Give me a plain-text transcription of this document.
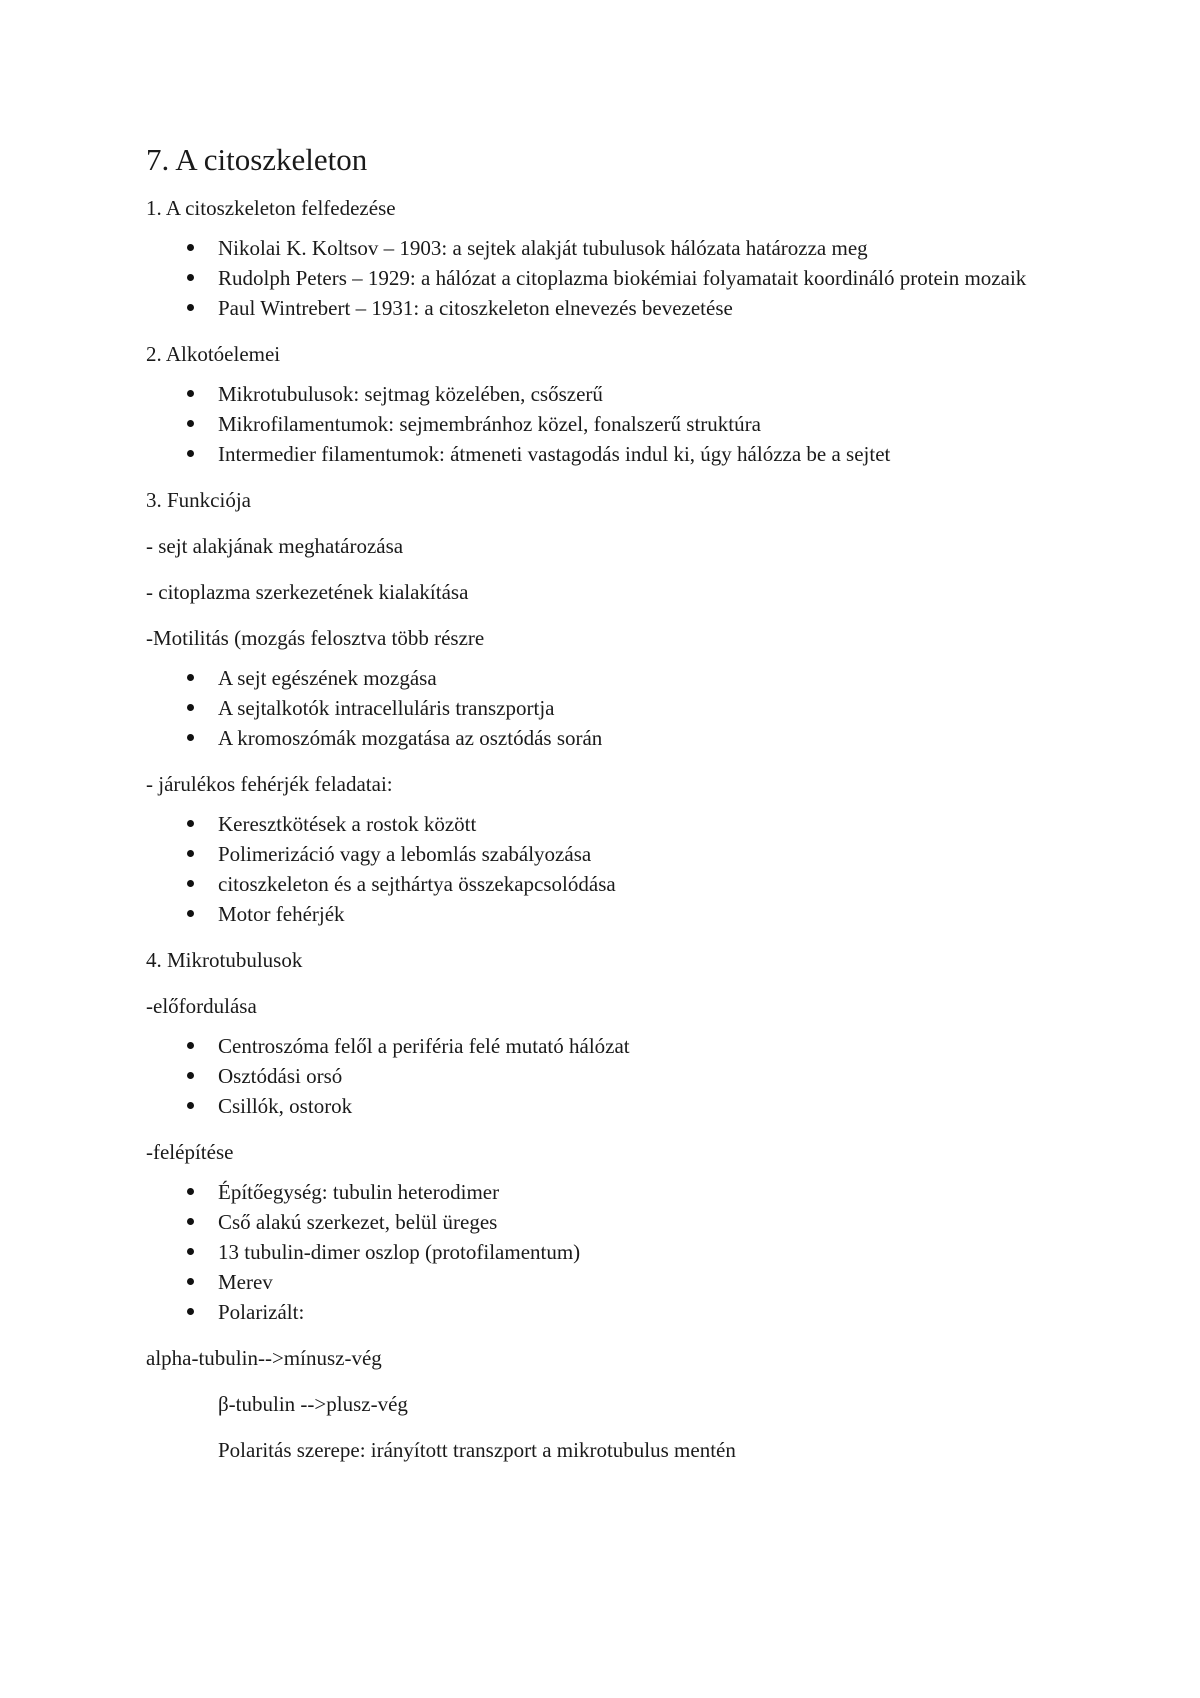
7. A citoszkeleton

1. A citoszkeleton felfedezése

Nikolai K. Koltsov – 1903: a sejtek alakját tubulusok hálózata határozza meg
Rudolph Peters – 1929: a hálózat a citoplazma biokémiai folyamatait koordináló protein mozaik
Paul Wintrebert – 1931: a citoszkeleton elnevezés bevezetése

2. Alkotóelemei

Mikrotubulusok: sejtmag közelében, csőszerű
Mikrofilamentumok: sejmembránhoz közel, fonalszerű struktúra
Intermedier filamentumok: átmeneti vastagodás indul ki, úgy hálózza be a sejtet

3. Funkciója

- sejt alakjának meghatározása

- citoplazma szerkezetének kialakítása

-Motilitás (mozgás felosztva több részre

A sejt egészének mozgása
A sejtalkotók intracelluláris transzportja
A kromoszómák mozgatása az osztódás során

- járulékos fehérjék feladatai:

Keresztkötések a rostok között
Polimerizáció vagy a lebomlás szabályozása
citoszkeleton és a sejthártya összekapcsolódása
Motor fehérjék

4. Mikrotubulusok

-előfordulása

Centroszóma felől a periféria felé mutató hálózat
Osztódási orsó
Csillók, ostorok

-felépítése

Építőegység: tubulin heterodimer
Cső alakú szerkezet, belül üreges
13 tubulin-dimer oszlop (protofilamentum)
Merev
Polarizált:

alpha-tubulin-->mínusz-vég

β-tubulin -->plusz-vég

Polaritás szerepe: irányított transzport a mikrotubulus mentén
